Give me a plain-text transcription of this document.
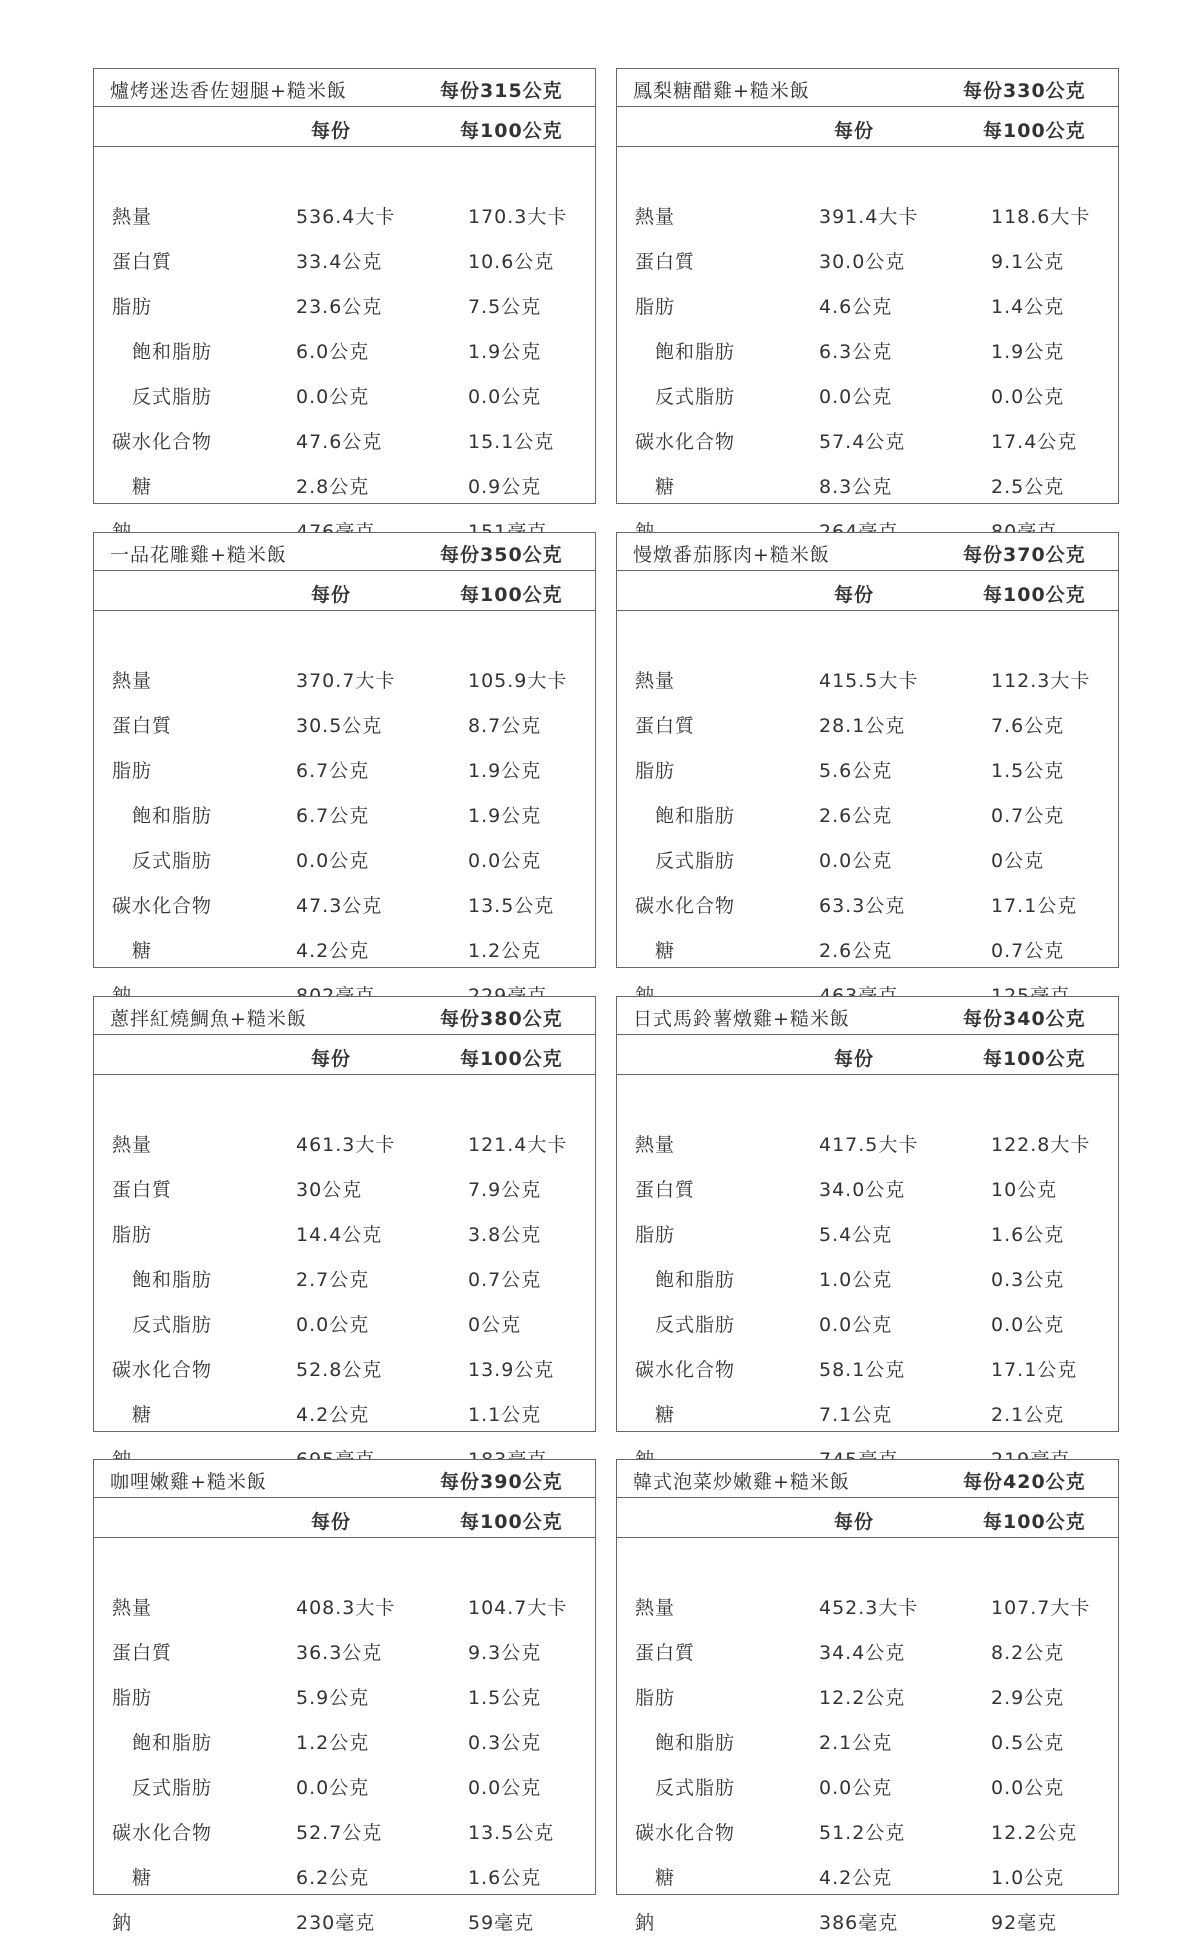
爐烤迷迭香佐翅腿+糙米飯	每份315公克
每份	每100公克
熱量	536.4大卡	170.3大卡
蛋白質	33.4公克	10.6公克
脂肪	23.6公克	7.5公克
飽和脂肪	6.0公克	1.9公克
反式脂肪	0.0公克	0.0公克
碳水化合物	47.6公克	15.1公克
糖	2.8公克	0.9公克
鳳梨糖醋雞+糙米飯	每份330公克
每份	每100公克
熱量	391.4大卡	118.6大卡
蛋白質	30.0公克	9.1公克
脂肪	4.6公克	1.4公克
飽和脂肪	6.3公克	1.9公克
反式脂肪	0.0公克	0.0公克
碳水化合物	57.4公克	17.4公克
糖	8.3公克	2.5公克
一品花雕雞+糙米飯	每份350公克
每份	每100公克
熱量	370.7大卡	105.9大卡
蛋白質	30.5公克	8.7公克
脂肪	6.7公克	1.9公克
飽和脂肪	6.7公克	1.9公克
反式脂肪	0.0公克	0.0公克
碳水化合物	47.3公克	13.5公克
糖	4.2公克	1.2公克
慢燉番茄豚肉+糙米飯	每份370公克
每份	每100公克
熱量	415.5大卡	112.3大卡
蛋白質	28.1公克	7.6公克
脂肪	5.6公克	1.5公克
飽和脂肪	2.6公克	0.7公克
反式脂肪	0.0公克	0公克
碳水化合物	63.3公克	17.1公克
糖	2.6公克	0.7公克
蔥拌紅燒鯛魚+糙米飯	每份380公克
每份	每100公克
熱量	461.3大卡	121.4大卡
蛋白質	30公克	7.9公克
脂肪	14.4公克	3.8公克
飽和脂肪	2.7公克	0.7公克
反式脂肪	0.0公克	0公克
碳水化合物	52.8公克	13.9公克
糖	4.2公克	1.1公克
日式馬鈴薯燉雞+糙米飯	每份340公克
每份	每100公克
熱量	417.5大卡	122.8大卡
蛋白質	34.0公克	10公克
脂肪	5.4公克	1.6公克
飽和脂肪	1.0公克	0.3公克
反式脂肪	0.0公克	0.0公克
碳水化合物	58.1公克	17.1公克
糖	7.1公克	2.1公克
咖哩嫩雞+糙米飯	每份390公克
每份	每100公克
熱量	408.3大卡	104.7大卡
蛋白質	36.3公克	9.3公克
脂肪	5.9公克	1.5公克
飽和脂肪	1.2公克	0.3公克
反式脂肪	0.0公克	0.0公克
碳水化合物	52.7公克	13.5公克
糖	6.2公克	1.6公克
鈉	230毫克	59毫克
韓式泡菜炒嫩雞+糙米飯	每份420公克
每份	每100公克
熱量	452.3大卡	107.7大卡
蛋白質	34.4公克	8.2公克
脂肪	12.2公克	2.9公克
飽和脂肪	2.1公克	0.5公克
反式脂肪	0.0公克	0.0公克
碳水化合物	51.2公克	12.2公克
糖	4.2公克	1.0公克
鈉	386毫克	92毫克
